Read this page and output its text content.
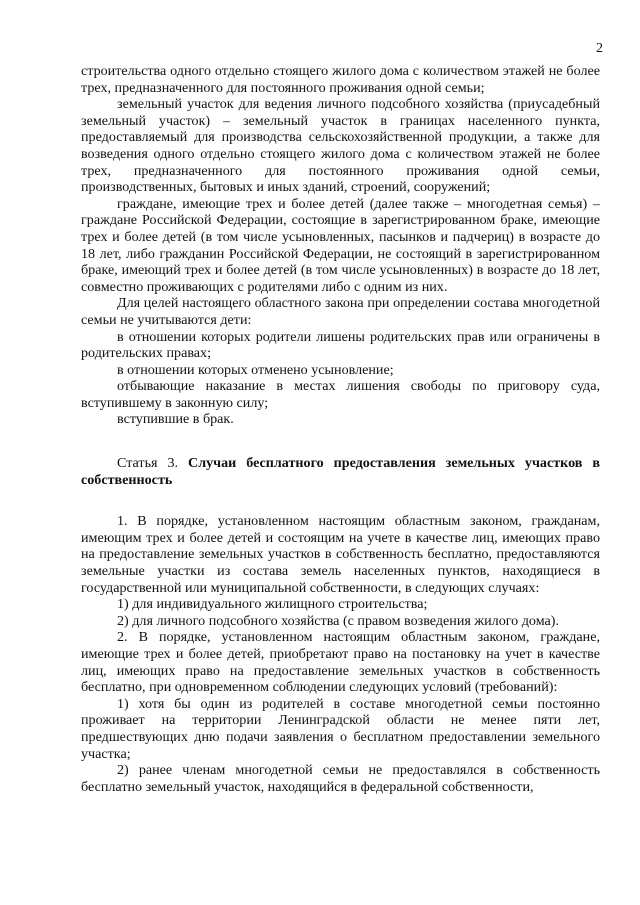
2

строительства одного отдельно стоящего жилого дома с количеством этажей не более трех, предназначенного для постоянного проживания одной семьи;

земельный участок для ведения личного подсобного хозяйства (приусадебный земельный участок) – земельный участок в границах населенного пункта, предоставляемый для производства сельскохозяйственной продукции, а также для возведения одного отдельно стоящего жилого дома с количеством этажей не более трех, предназначенного для постоянного проживания одной семьи, производственных, бытовых и иных зданий, строений, сооружений;

граждане, имеющие трех и более детей (далее также – многодетная семья) – граждане Российской Федерации, состоящие в зарегистрированном браке, имеющие трех и более детей (в том числе усыновленных, пасынков и падчериц) в возрасте до 18 лет, либо гражданин Российской Федерации, не состоящий в зарегистрированном браке, имеющий трех и более детей (в том числе усыновленных) в возрасте до 18 лет, совместно проживающих с родителями либо с одним из них.

Для целей настоящего областного закона при определении состава многодетной семьи не учитываются дети:

в отношении которых родители лишены родительских прав или ограничены в родительских правах;

в отношении которых отменено усыновление;

отбывающие наказание в местах лишения свободы по приговору суда, вступившему в законную силу;

вступившие в брак.

Статья 3. Случаи бесплатного предоставления земельных участков в собственность

1. В порядке, установленном настоящим областным законом, гражданам, имеющим трех и более детей и состоящим на учете в качестве лиц, имеющих право на предоставление земельных участков в собственность бесплатно, предоставляются земельные участки из состава земель населенных пунктов, находящиеся в государственной или муниципальной собственности, в следующих случаях:

1) для индивидуального жилищного строительства;

2) для личного подсобного хозяйства (с правом возведения жилого дома).

2. В порядке, установленном настоящим областным законом, граждане, имеющие трех и более детей, приобретают право на постановку на учет в качестве лиц, имеющих право на предоставление земельных участков в собственность бесплатно, при одновременном соблюдении следующих условий (требований):

1) хотя бы один из родителей в составе многодетной семьи постоянно проживает на территории Ленинградской области не менее пяти лет, предшествующих дню подачи заявления о бесплатном предоставлении земельного участка;

2) ранее членам многодетной семьи не предоставлялся в собственность бесплатно земельный участок, находящийся в федеральной собственности,
